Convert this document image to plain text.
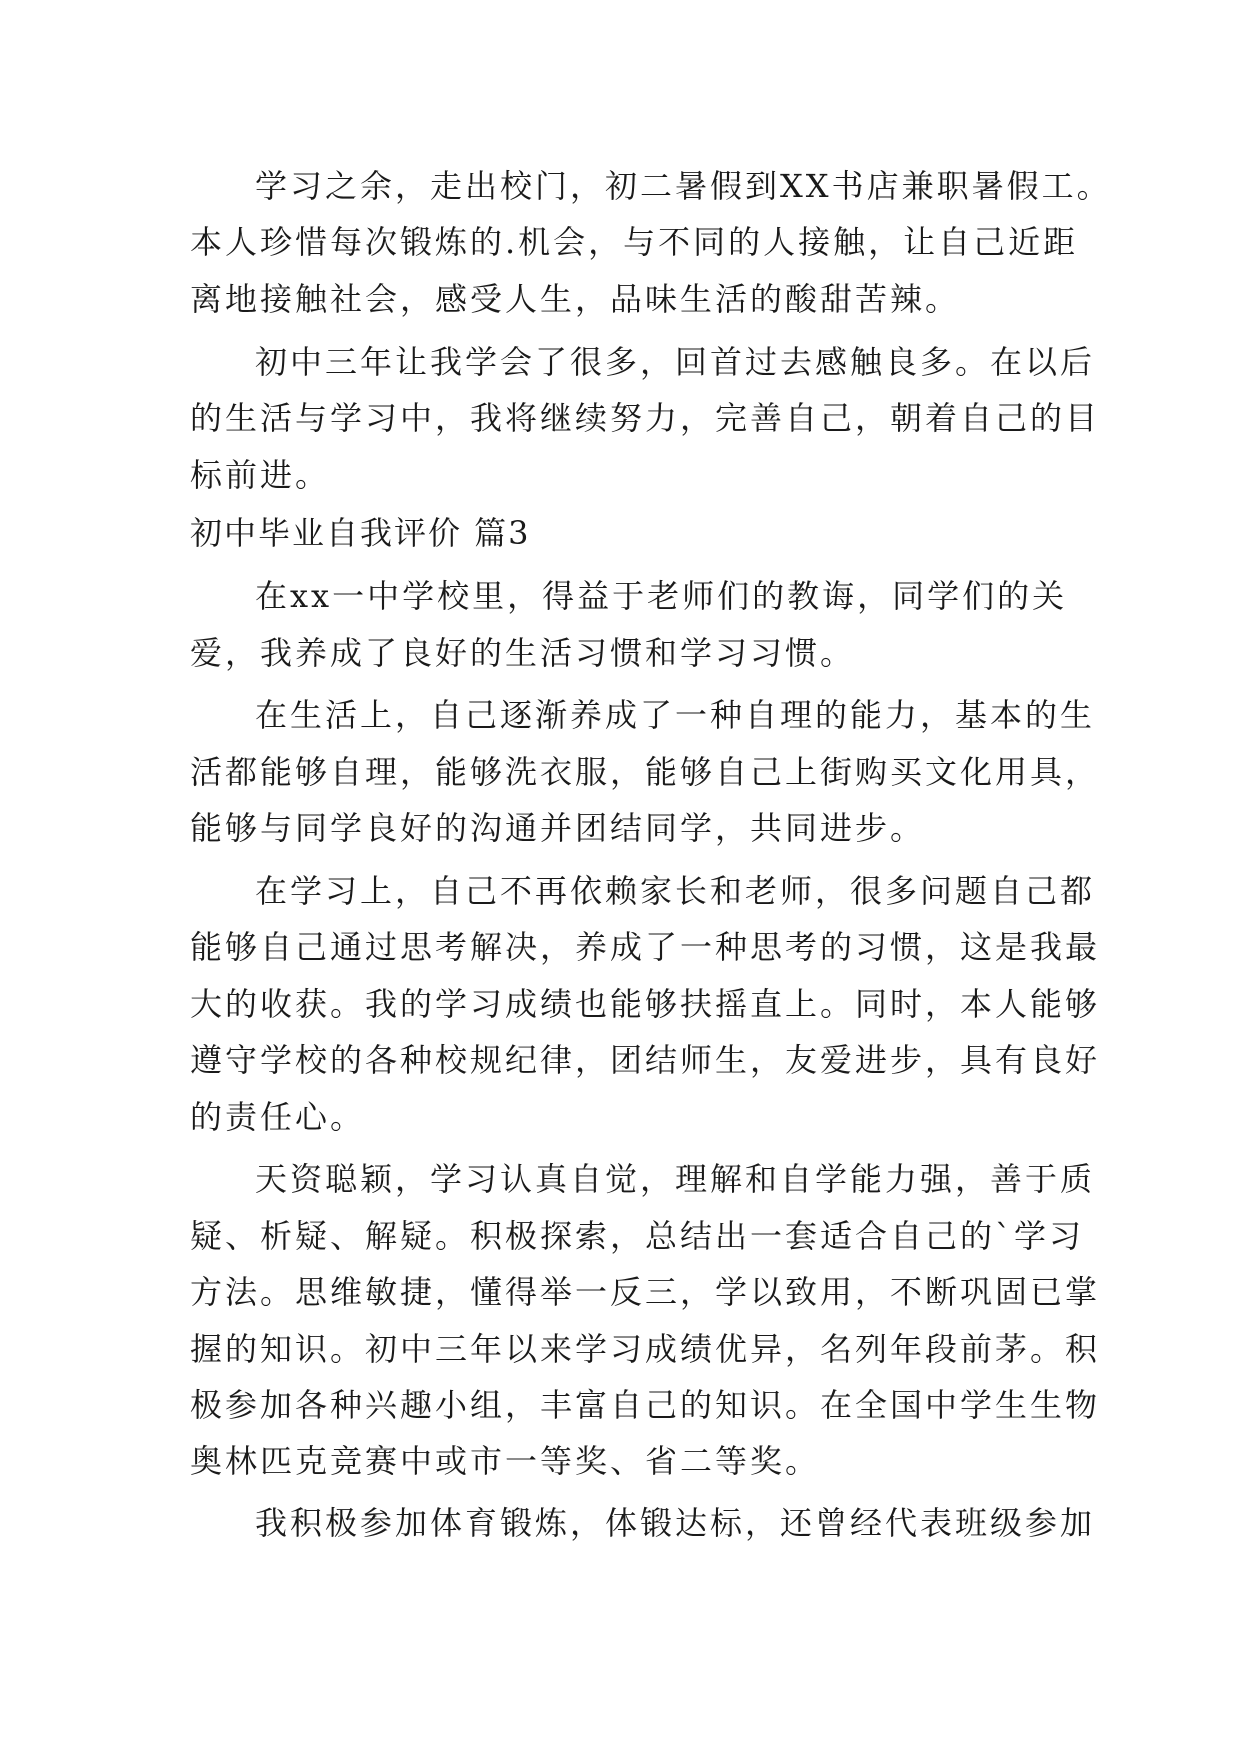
学习之余，走出校门，初二暑假到XX书店兼职暑假工。
本人珍惜每次锻炼的.机会，与不同的人接触，让自己近距
离地接触社会，感受人生，品味生活的酸甜苦辣。
初中三年让我学会了很多，回首过去感触良多。在以后
的生活与学习中，我将继续努力，完善自己，朝着自己的目
标前进。
初中毕业自我评价 篇3
在xx一中学校里，得益于老师们的教诲，同学们的关
爱，我养成了良好的生活习惯和学习习惯。
在生活上，自己逐渐养成了一种自理的能力，基本的生
活都能够自理，能够洗衣服，能够自己上街购买文化用具，
能够与同学良好的沟通并团结同学，共同进步。
在学习上，自己不再依赖家长和老师，很多问题自己都
能够自己通过思考解决，养成了一种思考的习惯，这是我最
大的收获。我的学习成绩也能够扶摇直上。同时，本人能够
遵守学校的各种校规纪律，团结师生，友爱进步，具有良好
的责任心。
天资聪颖，学习认真自觉，理解和自学能力强，善于质
疑、析疑、解疑。积极探索，总结出一套适合自己的`学习
方法。思维敏捷，懂得举一反三，学以致用，不断巩固已掌
握的知识。初中三年以来学习成绩优异，名列年段前茅。积
极参加各种兴趣小组，丰富自己的知识。在全国中学生生物
奥林匹克竞赛中或市一等奖、省二等奖。
我积极参加体育锻炼，体锻达标，还曾经代表班级参加
